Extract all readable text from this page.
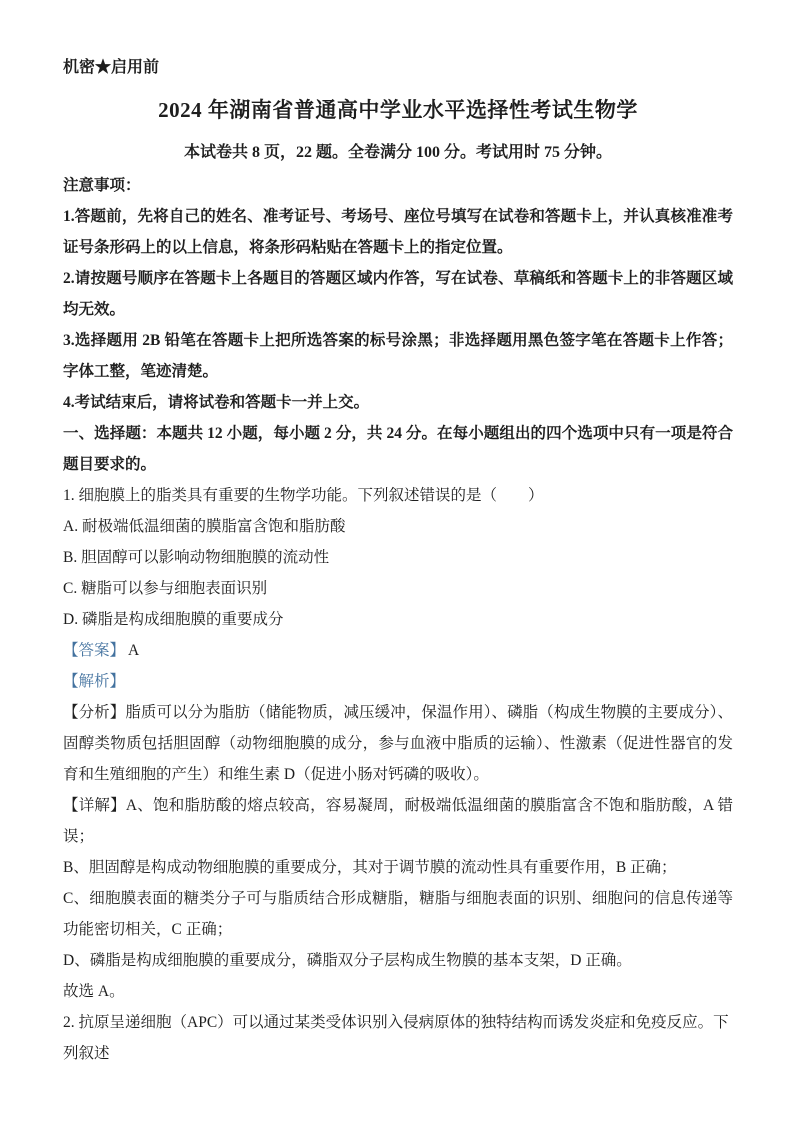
机密★启用前

2024 年湖南省普通高中学业水平选择性考试生物学

本试卷共 8 页，22 题。全卷满分 100 分。考试用时 75 分钟。

注意事项：

1.答题前，先将自己的姓名、准考证号、考场号、座位号填写在试卷和答题卡上，并认真核准准考证号条形码上的以上信息，将条形码粘贴在答题卡上的指定位置。

2.请按题号顺序在答题卡上各题目的答题区域内作答，写在试卷、草稿纸和答题卡上的非答题区域均无效。

3.选择题用 2B 铅笔在答题卡上把所选答案的标号涂黑；非选择题用黑色签字笔在答题卡上作答；字体工整，笔迹清楚。

4.考试结束后，请将试卷和答题卡一并上交。

一、选择题：本题共 12 小题，每小题 2 分，共 24 分。在每小题组出的四个选项中只有一项是符合题目要求的。

1. 细胞膜上的脂类具有重要的生物学功能。下列叙述错误的是（　　）

A. 耐极端低温细菌的膜脂富含饱和脂肪酸

B. 胆固醇可以影响动物细胞膜的流动性

C. 糖脂可以参与细胞表面识别

D. 磷脂是构成细胞膜的重要成分

【答案】 A

【解析】

【分析】脂质可以分为脂肪（储能物质，减压缓冲，保温作用）、磷脂（构成生物膜的主要成分）、固醇类物质包括胆固醇（动物细胞膜的成分，参与血液中脂质的运输）、性激素（促进性器官的发育和生殖细胞的产生）和维生素 D（促进小肠对钙磷的吸收）。

【详解】A、饱和脂肪酸的熔点较高，容易凝周，耐极端低温细菌的膜脂富含不饱和脂肪酸，A 错误；

B、胆固醇是构成动物细胞膜的重要成分，其对于调节膜的流动性具有重要作用，B 正确；

C、细胞膜表面的糖类分子可与脂质结合形成糖脂，糖脂与细胞表面的识别、细胞问的信息传递等功能密切相关，C 正确；

D、磷脂是构成细胞膜的重要成分，磷脂双分子层构成生物膜的基本支架，D 正确。

故选 A。

2. 抗原呈递细胞（APC）可以通过某类受体识别入侵病原体的独特结构而诱发炎症和免疫反应。下列叙述
